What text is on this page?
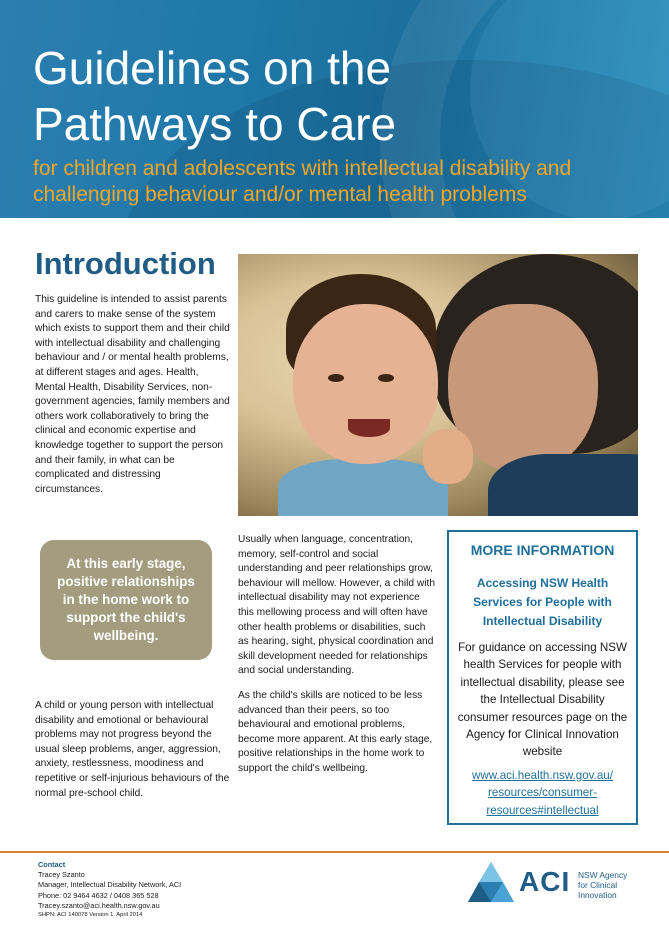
Guidelines on the
Pathways to Care
for children and adolescents with intellectual disability and challenging behaviour and/or mental health problems
Introduction

This guideline is intended to assist parents and carers to make sense of the system which exists to support them and their child with intellectual disability and challenging behaviour and / or mental health problems, at different stages and ages. Health, Mental Health, Disability Services, non-government agencies, family members and others work collaboratively to bring the clinical and economic expertise and knowledge together to support the person and their family, in what can be complicated and distressing circumstances.

At this early stage, positive relationships in the home work to support the child's wellbeing.

A child or young person with intellectual disability and emotional or behavioural problems may not progress beyond the usual sleep problems, anger, aggression, anxiety, restlessness, moodiness and repetitive or self-injurious behaviours of the normal pre-school child.

Usually when language, concentration, memory, self-control and social understanding and peer relationships grow, behaviour will mellow. However, a child with intellectual disability may not experience this mellowing process and will often have other health problems or disabilities, such as hearing, sight, physical coordination and skill development needed for relationships and social understanding.

As the child's skills are noticed to be less advanced than their peers, so too behavioural and emotional problems, become more apparent. At this early stage, positive relationships in the home work to support the child's wellbeing.

MORE INFORMATION
Accessing NSW Health Services for People with Intellectual Disability
For guidance on accessing NSW health Services for people with intellectual disability, please see the Intellectual Disability consumer resources page on the Agency for Clinical Innovation website
www.aci.health.nsw.gov.au/
resources/consumer-
resources#intellectual
Contact
Tracey Szanto
Manager, Intellectual Disability Network, ACI
Phone: 02 9464 4632 / 0408 365 528
Tracey.szanto@aci.health.nsw.gov.au
SHPN: ACI 140078 Version 1. April 2014
ACI NSW Agency
for Clinical
Innovation
